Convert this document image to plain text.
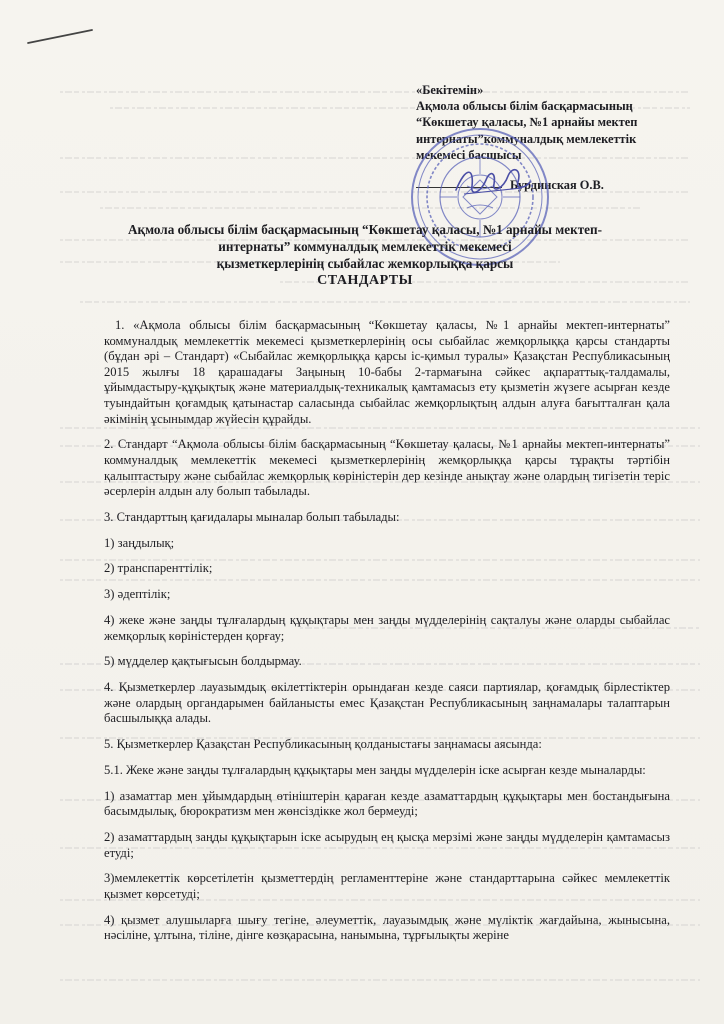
«Бекітемін»
Ақмола облысы білім басқармасының
“Көкшетау қаласы, №1 арнайы мектеп
интернаты”коммуналдық мемлекеттік
мекемесі басшысы
Бурдинская О.В.
Ақмола облысы білім басқармасының “Көкшетау қаласы, №1 арнайы мектеп-
интернаты” коммуналдық мемлекеттік мекемесі
қызметкерлерінің сыбайлас жемкорлыққа қарсы
СТАНДАРТЫ

1. «Ақмола облысы білім басқармасының “Көкшетау қаласы, №1 арнайы мектеп-интернаты” коммуналдық мемлекеттік мекемесі қызметкерлерінің осы сыбайлас жемқорлыққа қарсы стандарты (бұдан әрі – Стандарт) «Сыбайлас жемқорлыққа қарсы іс-қимыл туралы» Қазақстан Республикасының 2015 жылғы 18 қарашадағы Заңының 10-бабы 2-тармағына сәйкес ақпараттық-талдамалы, ұйымдастыру-құқықтық және материалдық-техникалық қамтамасыз ету қызметін жүзеге асырған кезде туындайтын қоғамдық қатынастар саласында сыбайлас жемқорлықтың алдын алуға бағытталған қала әкімінің ұсынымдар жүйесін құрайды.

2. Стандарт “Ақмола облысы білім басқармасының “Көкшетау қаласы, №1 арнайы мектеп-интернаты” коммуналдық мемлекеттік мекемесі қызметкерлерінің жемқорлыққа қарсы тұрақты тәртібін қалыптастыру және сыбайлас жемқорлық көріністерін дер кезінде анықтау және олардың тигізетін теріс әсерлерін алдын алу болып табылады.

3. Стандарттың қағидалары мыналар болып табылады:

1) заңдылық;

2) транспаренттілік;

3) әдептілік;

4) жеке және заңды тұлғалардың құқықтары мен заңды мүдделерінің сақталуы және оларды сыбайлас жемқорлық көріністерден қорғау;

5) мүдделер қақтығысын болдырмау.

4. Қызметкерлер лауазымдық өкілеттіктерін орындаған кезде саяси партиялар, қоғамдық бірлестіктер және олардың органдарымен байланысты емес Қазақстан Республикасының заңнамалары талаптарын басшылыққа алады.

5. Қызметкерлер Қазақстан Республикасының қолданыстағы заңнамасы аясында:

5.1. Жеке және заңды тұлғалардың құқықтары мен заңды мүдделерін іске асырған кезде мыналарды:

1) азаматтар мен ұйымдардың өтініштерін қараған кезде азаматтардың құқықтары мен бостандығына басымдылық, бюрократизм мен жөнсіздікке жол бермеуді;

2) азаматтардың заңды құқықтарын іске асырудың ең қысқа мерзімі және заңды мүдделерін қамтамасыз етуді;

3)мемлекеттік көрсетілетін қызметтердің регламенттеріне және стандарттарына сәйкес мемлекеттік қызмет көрсетуді;

4) қызмет алушыларға шығу тегіне, әлеуметтік, лауазымдық және мүліктік жағдайына, жынысына, нәсіліне, ұлтына, тіліне, дінге көзқарасына, нанымына, тұрғылықты жеріне
